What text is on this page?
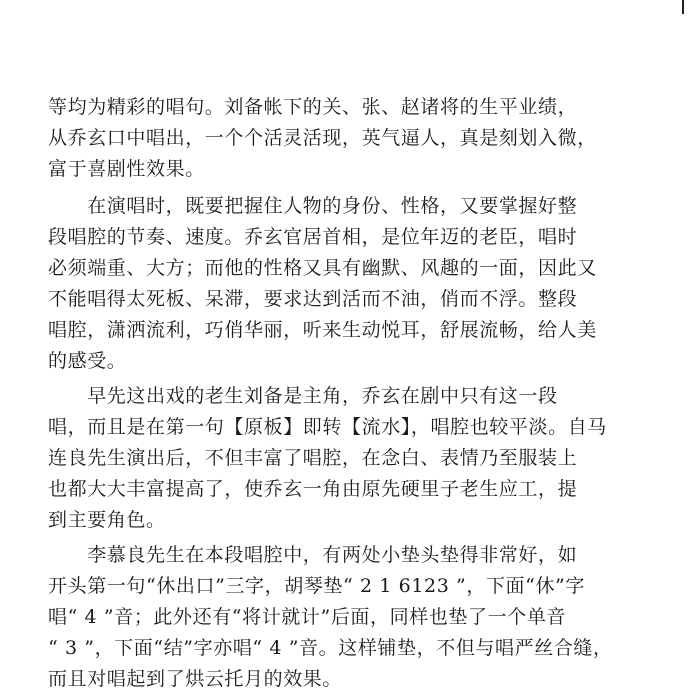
等均为精彩的唱句。刘备帐下的关、张、赵诸将的生平业绩，
从乔玄口中唱出，一个个活灵活现，英气逼人，真是刻划入微，
富于喜剧性效果。
　　在演唱时，既要把握住人物的身份、性格，又要掌握好整
段唱腔的节奏、速度。乔玄官居首相，是位年迈的老臣，唱时
必须端重、大方；而他的性格又具有幽默、风趣的一面，因此又
不能唱得太死板、呆滞，要求达到活而不油，俏而不浮。整段
唱腔，潇洒流利，巧俏华丽，听来生动悦耳，舒展流畅，给人美
的感受。
　　早先这出戏的老生刘备是主角，乔玄在剧中只有这一段
唱，而且是在第一句【原板】即转【流水】，唱腔也较平淡。自马
连良先生演出后，不但丰富了唱腔，在念白、表情乃至服装上
也都大大丰富提高了，使乔玄一角由原先硬里子老生应工，提
到主要角色。
　　李慕良先生在本段唱腔中，有两处小垫头垫得非常好，如
开头第一句“休出口”三字，胡琴垫“ 2 1 6123 ”，下面“休”字
唱“ 4 ”音；此外还有“将计就计”后面，同样也垫了一个单音
“ 3 ”，下面“结”字亦唱“ 4 ”音。这样铺垫，不但与唱严丝合缝，
而且对唱起到了烘云托月的效果。
